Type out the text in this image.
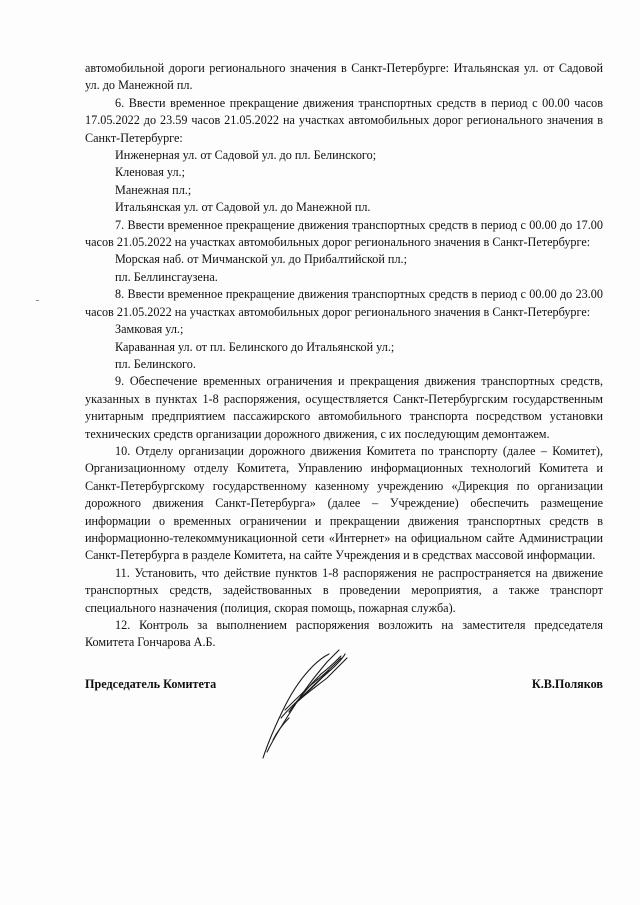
автомобильной дороги регионального значения в Санкт-Петербурге: Итальянская ул. от Садовой ул. до Манежной пл.

6. Ввести временное прекращение движения транспортных средств в период с 00.00 часов 17.05.2022 до 23.59 часов 21.05.2022 на участках автомобильных дорог регионального значения в Санкт-Петербурге:

Инженерная ул. от Садовой ул. до пл. Белинского;

Кленовая ул.;

Манежная пл.;

Итальянская ул. от Садовой ул. до Манежной пл.

7. Ввести временное прекращение движения транспортных средств в период с 00.00 до 17.00 часов 21.05.2022 на участках автомобильных дорог регионального значения в Санкт-Петербурге:

Морская наб. от Мичманской ул. до Прибалтийской пл.;

пл. Беллинсгаузена.

8. Ввести временное прекращение движения транспортных средств в период с 00.00 до 23.00 часов 21.05.2022 на участках автомобильных дорог регионального значения в Санкт-Петербурге:

Замковая ул.;

Караванная ул. от пл. Белинского до Итальянской ул.;

пл. Белинского.

9. Обеспечение временных ограничения и прекращения движения транспортных средств, указанных в пунктах 1-8 распоряжения, осуществляется Санкт-Петербургским государственным унитарным предприятием пассажирского автомобильного транспорта посредством установки технических средств организации дорожного движения, с их последующим демонтажем.

10. Отделу организации дорожного движения Комитета по транспорту (далее – Комитет), Организационному отделу Комитета, Управлению информационных технологий Комитета и Санкт-Петербургскому государственному казенному учреждению «Дирекция по организации дорожного движения Санкт-Петербурга» (далее – Учреждение) обеспечить размещение информации о временных ограничении и прекращении движения транспортных средств в информационно-телекоммуникационной сети «Интернет» на официальном сайте Администрации Санкт-Петербурга в разделе Комитета, на сайте Учреждения и в средствах массовой информации.

11. Установить, что действие пунктов 1-8 распоряжения не распространяется на движение транспортных средств, задействованных в проведении мероприятия, а также транспорт специального назначения (полиция, скорая помощь, пожарная служба).

12. Контроль за выполнением распоряжения возложить на заместителя председателя Комитета Гончарова А.Б.

Председатель Комитета	К.В.Поляков
